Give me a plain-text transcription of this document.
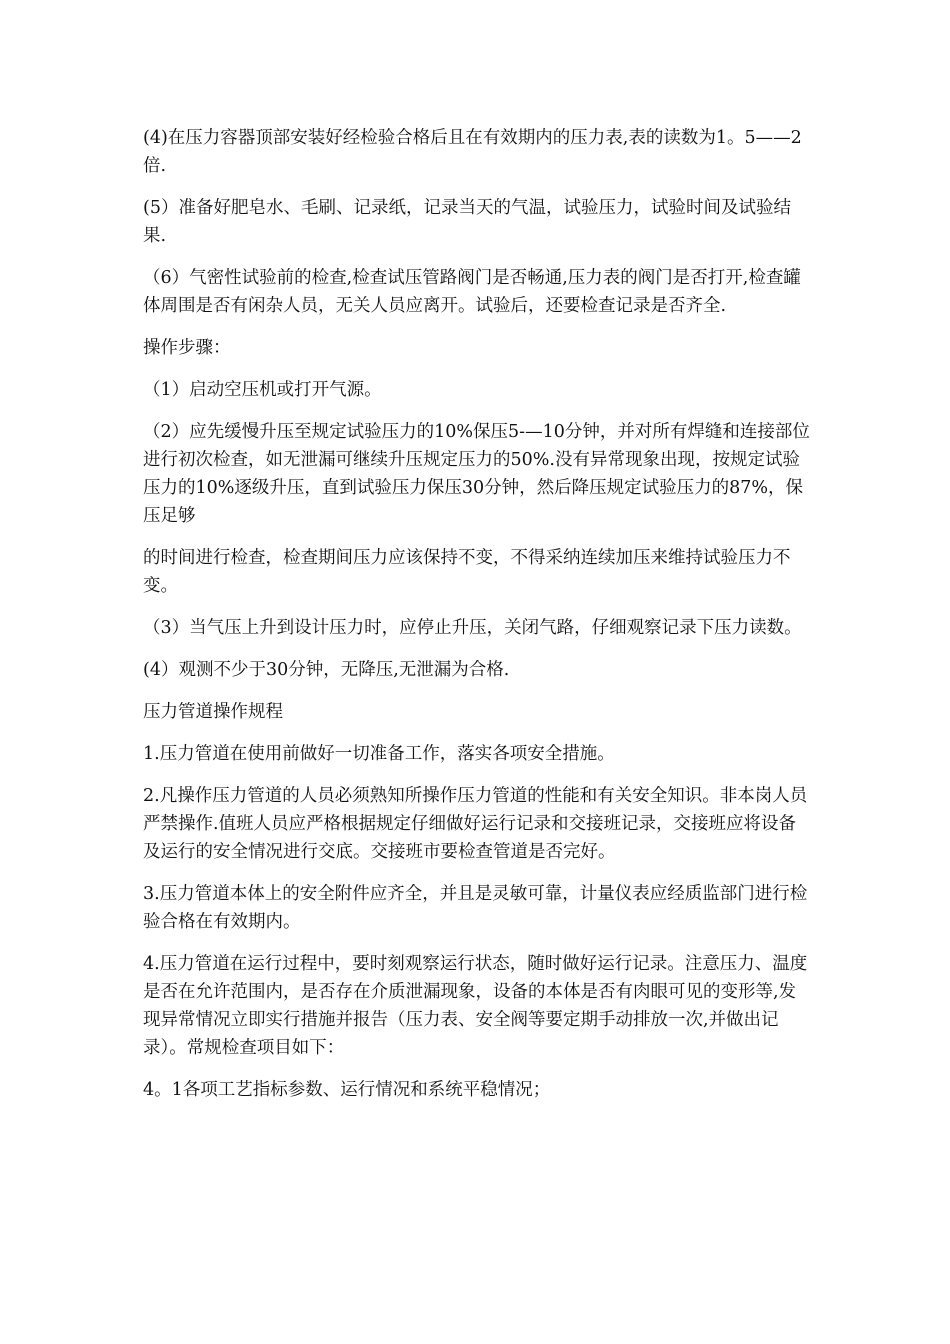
(4)在压力容器顶部安装好经检验合格后且在有效期内的压力表,表的读数为1。5——2倍.

(5）准备好肥皂水、毛刷、记录纸，记录当天的气温，试验压力，试验时间及试验结果.

（6）气密性试验前的检查,检查试压管路阀门是否畅通,压力表的阀门是否打开,检查罐体周围是否有闲杂人员，无关人员应离开。试验后，还要检查记录是否齐全.

操作步骤：

（1）启动空压机或打开气源。

（2）应先缓慢升压至规定试验压力的10%保压5-—10分钟，并对所有焊缝和连接部位进行初次检查，如无泄漏可继续升压规定压力的50%.没有异常现象出现，按规定试验压力的10%逐级升压，直到试验压力保压30分钟，然后降压规定试验压力的87%，保压足够

的时间进行检查，检查期间压力应该保持不变，不得采纳连续加压来维持试验压力不变。

（3）当气压上升到设计压力时，应停止升压，关闭气路，仔细观察记录下压力读数。

(4）观测不少于30分钟，无降压,无泄漏为合格.

压力管道操作规程

1.压力管道在使用前做好一切准备工作，落实各项安全措施。

2.凡操作压力管道的人员必须熟知所操作压力管道的性能和有关安全知识。非本岗人员严禁操作.值班人员应严格根据规定仔细做好运行记录和交接班记录，交接班应将设备及运行的安全情况进行交底。交接班市要检查管道是否完好。

3.压力管道本体上的安全附件应齐全，并且是灵敏可靠，计量仪表应经质监部门进行检验合格在有效期内。

4.压力管道在运行过程中，要时刻观察运行状态，随时做好运行记录。注意压力、温度是否在允许范围内，是否存在介质泄漏现象，设备的本体是否有肉眼可见的变形等,发现异常情况立即实行措施并报告（压力表、安全阀等要定期手动排放一次,并做出记录）。常规检查项目如下：

4。1各项工艺指标参数、运行情况和系统平稳情况；
